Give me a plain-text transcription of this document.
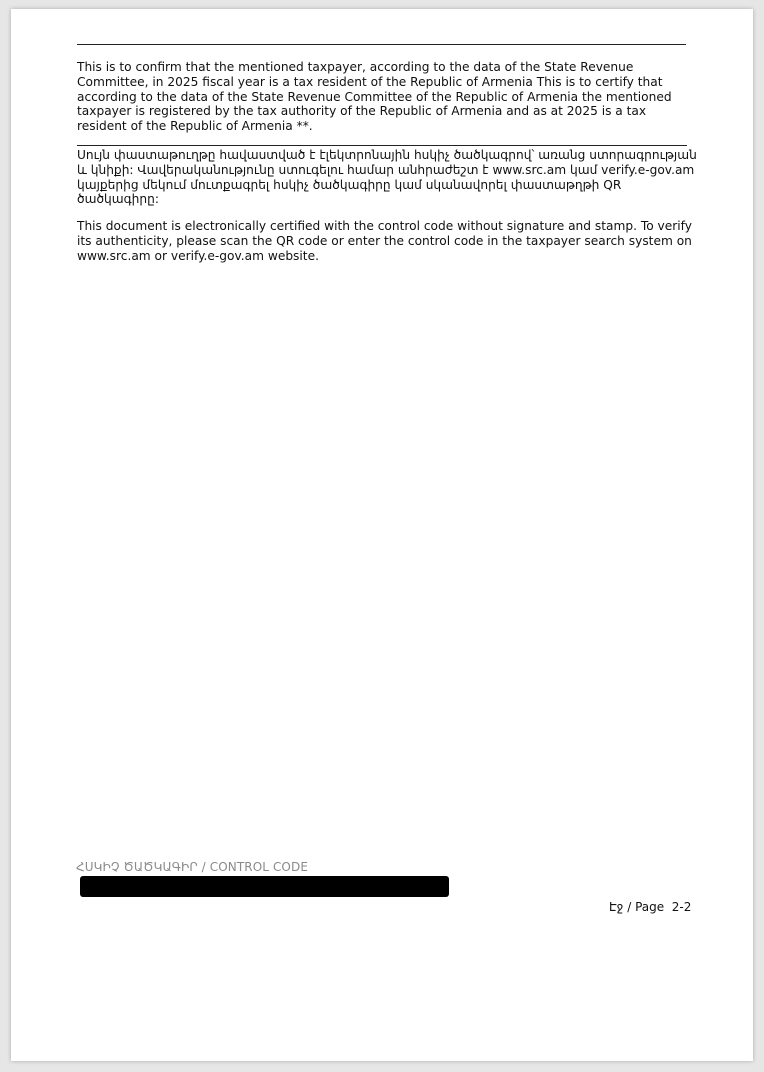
This is to confirm that the mentioned taxpayer, according to the data of the State Revenue Committee, in 2025 fiscal year is a tax resident of the Republic of Armenia This is to certify that according to the data of the State Revenue Committee of the Republic of Armenia the mentioned taxpayer is registered by the tax authority of the Republic of Armenia and as at 2025 is a tax resident of the Republic of Armenia **.

Սույն փաստաթուղթը հավաստված է էլեկտրոնային հսկիչ ծածկագրով՝ առանց ստորագրության և կնիքի: Վավերականությունը ստուգելու համար անհրաժեշտ է www.src.am կամ verify.e-gov.am կայքերից մեկում մուտքագրել հսկիչ ծածկագիրը կամ սկանավորել փաստաթղթի QR ծածկագիրը:

This document is electronically certified with the control code without signature and stamp. To verify its authenticity, please scan the QR code or enter the control code in the taxpayer search system on www.src.am or verify.e-gov.am website.

ՀՍԿԻՉ ԾԱԾԿԱԳԻՐ / CONTROL CODE
Էջ / Page  2-2
